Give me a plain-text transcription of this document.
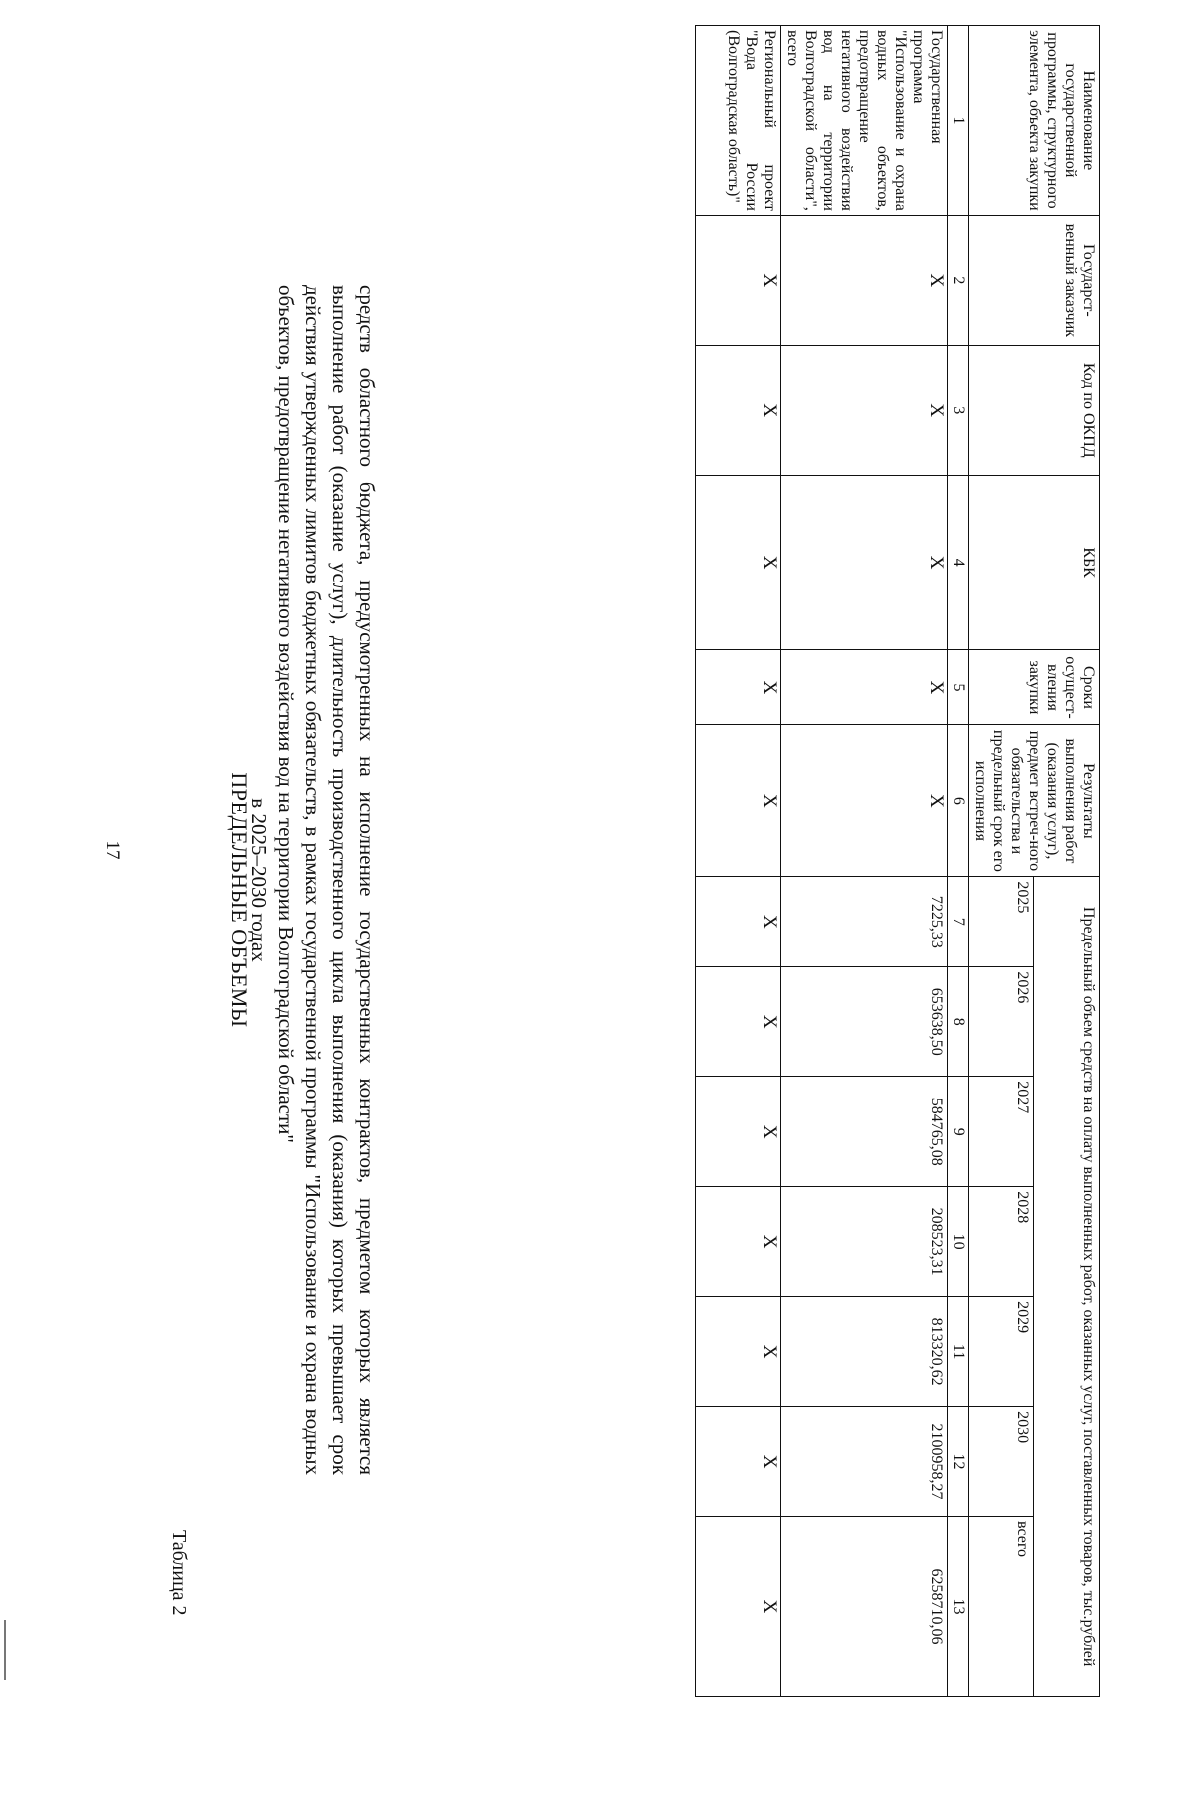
17
Таблица 2
ПРЕДЕЛЬНЫЕ ОБЪЕМЫ	средств областного бюджета, предусмотренных на исполнение государственных контрактов, предметом которых является выполнение работ (оказание услуг), длительность производственного цикла выполнения (оказания) которых превышает срок действия утвержденных лимитов бюджетных обязательств, в рамках государственной программы "Использование и охрана водных объектов, предотвращение негативного воздействия вод на территории Волгоградской области"
в 2025–2030 годах
Наименование государственной программы, структурного элемента, объекта закупки	Государст-венный заказчик	Код по ОКПД	КБК	Сроки осущест-вления закупки	Результаты выполнения работ (оказания услуг), предмет встреч-ного обязательства и предельный срок его исполнения	Предельный объем средств на оплату выполненных работ, оказанных услуг, поставленных товаров, тыс.рублей						
						2025	2026	2027	2028	2029	2030	всего
1	2	3	4	5	6	7	8	9	10	11	12	13
Государственная программа "Использование и охрана водных объектов, предотвращение негативного воздействия вод на территории Волгоградской области", всего	Х	Х	Х	Х	Х	7225,33	653638,50	584765,08	208523,31	813320,62	2100958,27	6258710,06
Региональный проект "Вода России (Волгоградская область)"	Х	Х	Х	Х	Х	Х	Х	Х	Х	Х	Х	Х
